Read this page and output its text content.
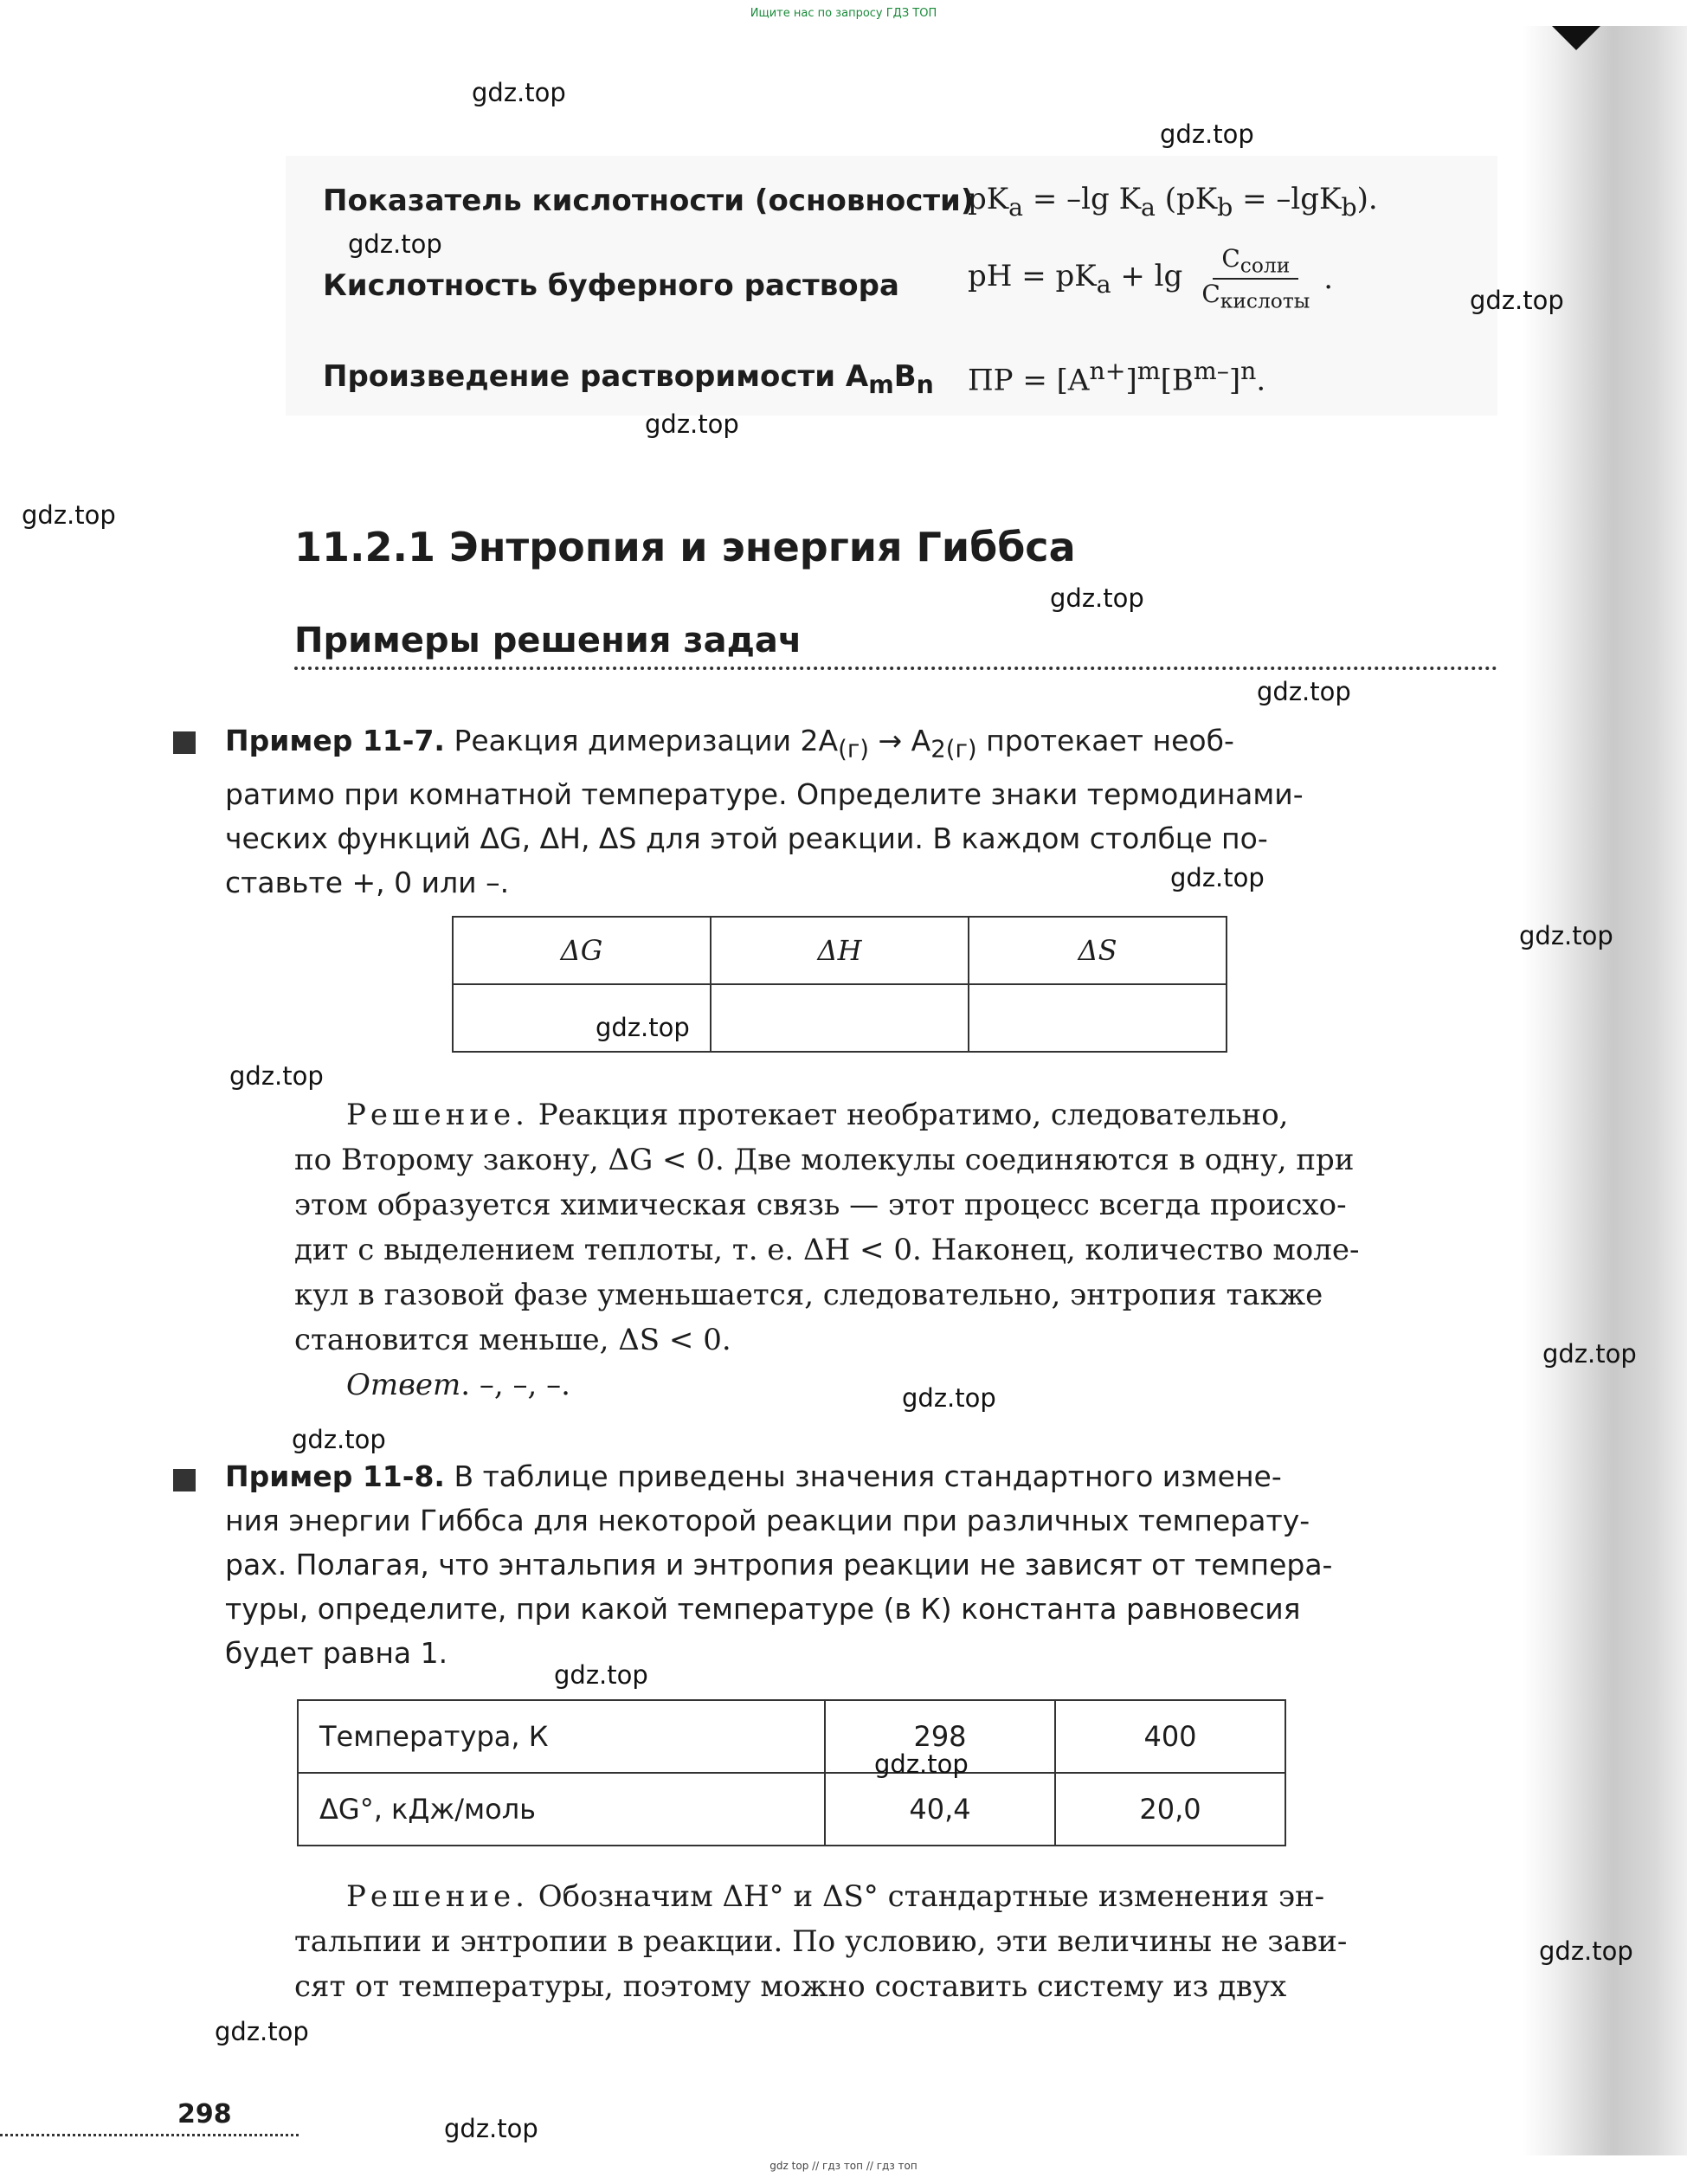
Ищите нас по запросу ГДЗ ТОП
Показатель кислотности (основности)
$pK_a = -\lg$ $K_a$ $(pK_b = -\lg K_b)$.
Кислотность буферного раствора pH = $pK_a + \lg$
$C_{соли}$
$C_{кислоты}$
.
Произведение растворимости $A_mB_n$ ПР = $[A^{n+}]^m[B^{m-}]^n$.
11.2.1 Энтропия и энергия Гиббса
Примеры решения задач
Пример 11-7. Реакция димеризации $2A_{(г)} \to A_{2(г)}$ протекает необ-
ратимо при комнатной температуре. Определите знаки термодинами-
ческих функций ΔG, ΔH, ΔS для этой реакции. В каждом столбце по-
ставьте +, 0 или –.
ΔG	ΔH	ΔS

Решение. Реакция протекает необратимо, следовательно,
по Второму закону, ΔG < 0. Две молекулы соединяются в одну, при
этом образуется химическая связь — этот процесс всегда происхо-
дит с выделением теплоты, т. е. ΔH < 0. Наконец, количество моле-
кул в газовой фазе уменьшается, следовательно, энтропия также
становится меньше, ΔS < 0.
Ответ. –, –, –.
Пример 11-8. В таблице приведены значения стандартного измене-
ния энергии Гиббса для некоторой реакции при различных температу-
рах. Полагая, что энтальпия и энтропия реакции не зависят от темпера-
туры, определите, при какой температуре (в К) константа равновесия
будет равна 1.
Температура, К	298	400
ΔG°, кДж/моль	40,4	20,0
Решение. Обозначим ΔH° и ΔS° стандартные изменения эн-
тальпии и энтропии в реакции. По условию, эти величины не зави-
сят от температуры, поэтому можно составить систему из двух
298
gdz.top
gdz.top
gdz.top
gdz.top
gdz.top
gdz.top
gdz.top
gdz.top
gdz.top
gdz.top
gdz.top
gdz.top
gdz.top
gdz.top
gdz.top
gdz.top
gdz.top
gdz.top
gdz.top
gdz.top
gdz top // гдз топ // гдз топ
